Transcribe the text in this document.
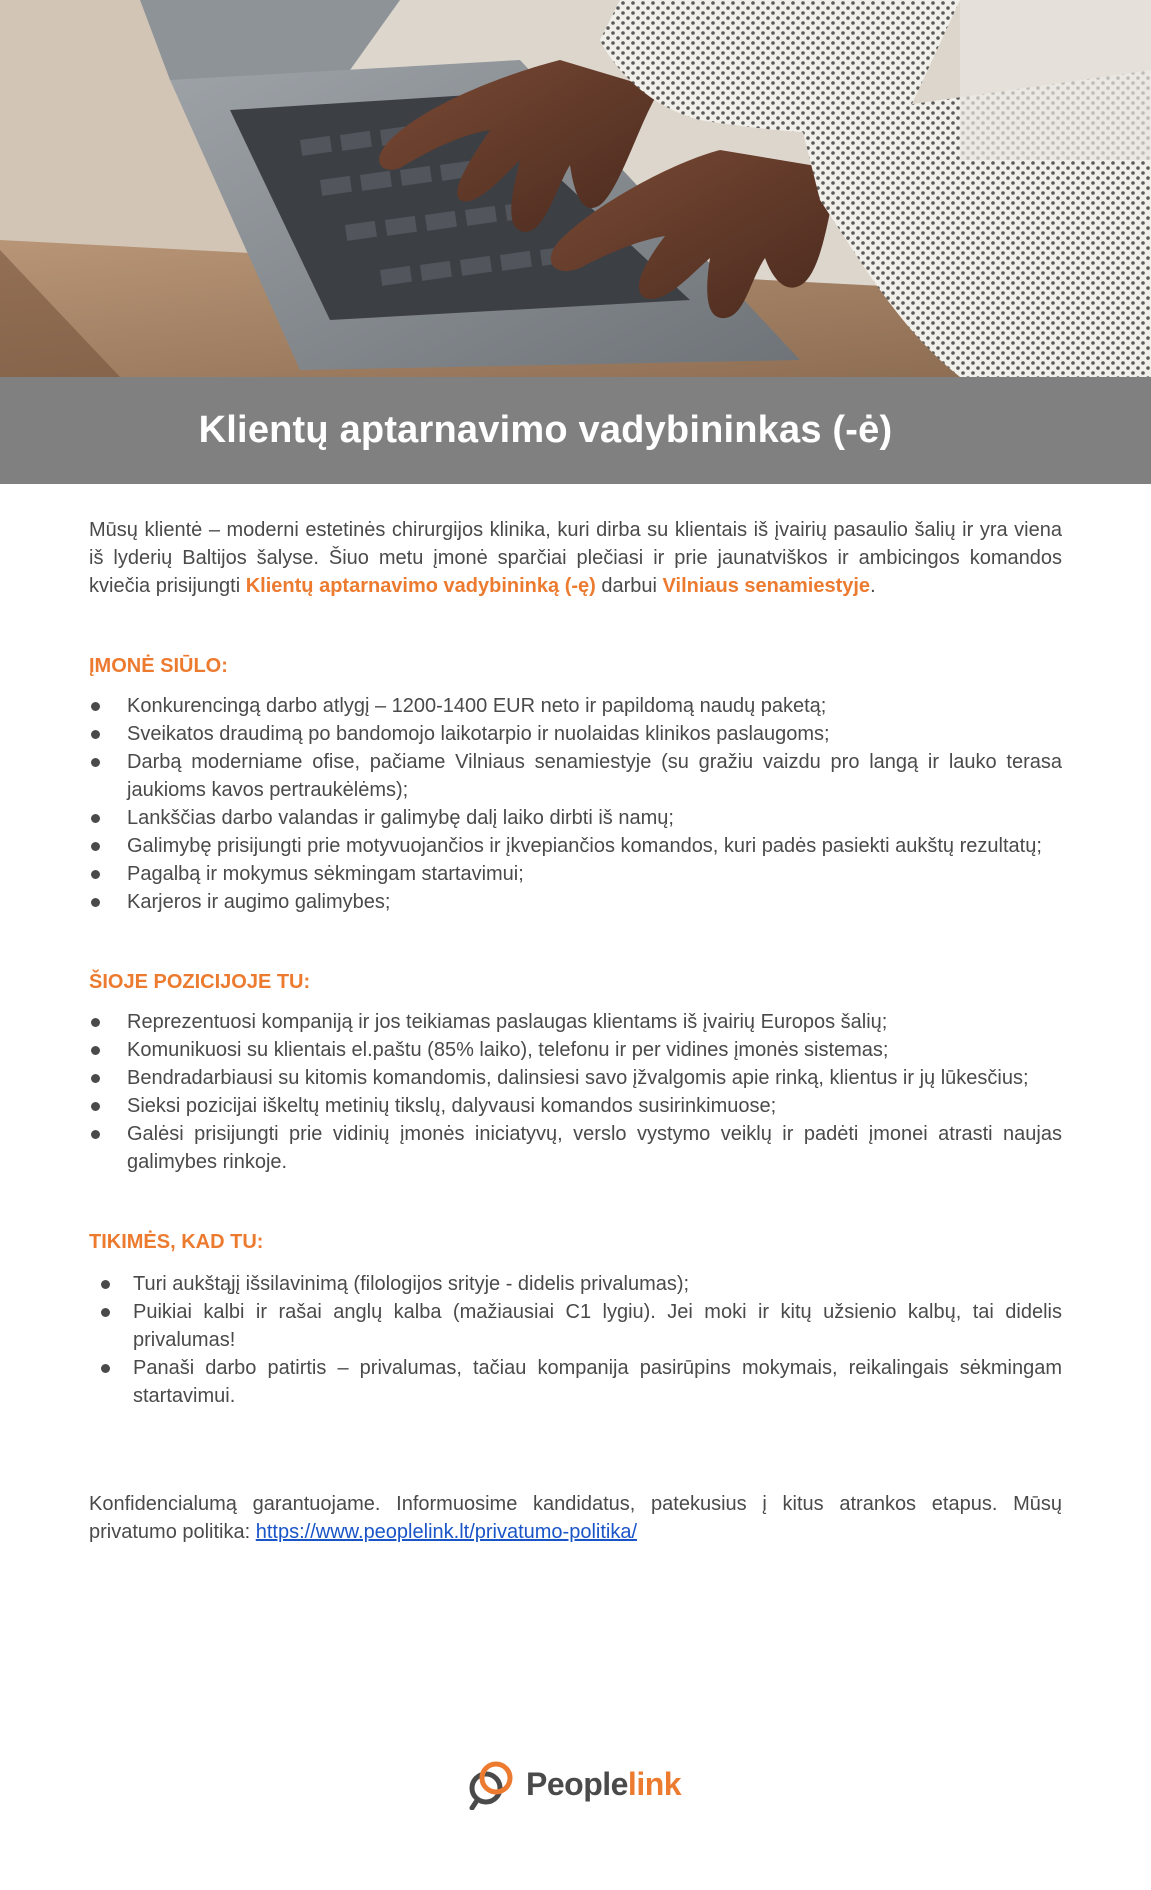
Klientų aptarnavimo vadybininkas (-ė)

Mūsų klientė – moderni estetinės chirurgijos klinika, kuri dirba su klientais iš įvairių pasaulio šalių ir yra viena iš lyderių Baltijos šalyse. Šiuo metu įmonė sparčiai plečiasi ir prie jaunatviškos ir ambicingos komandos kviečia prisijungti Klientų aptarnavimo vadybininką (-ę) darbui Vilniaus senamiestyje.

ĮMONĖ SIŪLO:

Konkurencingą darbo atlygį – 1200-1400 EUR neto ir papildomą naudų paketą;
Sveikatos draudimą po bandomojo laikotarpio ir nuolaidas klinikos paslaugoms;
Darbą moderniame ofise, pačiame Vilniaus senamiestyje (su gražiu vaizdu pro langą ir lauko terasa jaukioms kavos pertraukėlėms);
Lankščias darbo valandas ir galimybę dalį laiko dirbti iš namų;
Galimybę prisijungti prie motyvuojančios ir įkvepiančios komandos, kuri padės pasiekti aukštų rezultatų;
Pagalbą ir mokymus sėkmingam startavimui;
Karjeros ir augimo galimybes;

ŠIOJE POZICIJOJE TU:

Reprezentuosi kompaniją ir jos teikiamas paslaugas klientams iš įvairių Europos šalių;
Komunikuosi su klientais el.paštu (85% laiko), telefonu ir per vidines įmonės sistemas;
Bendradarbiausi su kitomis komandomis, dalinsiesi savo įžvalgomis apie rinką, klientus ir jų lūkesčius;
Sieksi pozicijai iškeltų metinių tikslų, dalyvausi komandos susirinkimuose;
Galėsi prisijungti prie vidinių įmonės iniciatyvų, verslo vystymo veiklų ir padėti įmonei atrasti naujas galimybes rinkoje.

TIKIMĖS, KAD TU:

Turi aukštąjį išsilavinimą (filologijos srityje - didelis privalumas);
Puikiai kalbi ir rašai anglų kalba (mažiausiai C1 lygiu). Jei moki ir kitų užsienio kalbų, tai didelis privalumas!
Panaši darbo patirtis – privalumas, tačiau kompanija pasirūpins mokymais, reikalingais sėkmingam startavimui.

Konfidencialumą garantuojame. Informuosime kandidatus, patekusius į kitus atrankos etapus. Mūsų privatumo politika: https://www.peoplelink.lt/privatumo-politika/

Peoplelink
